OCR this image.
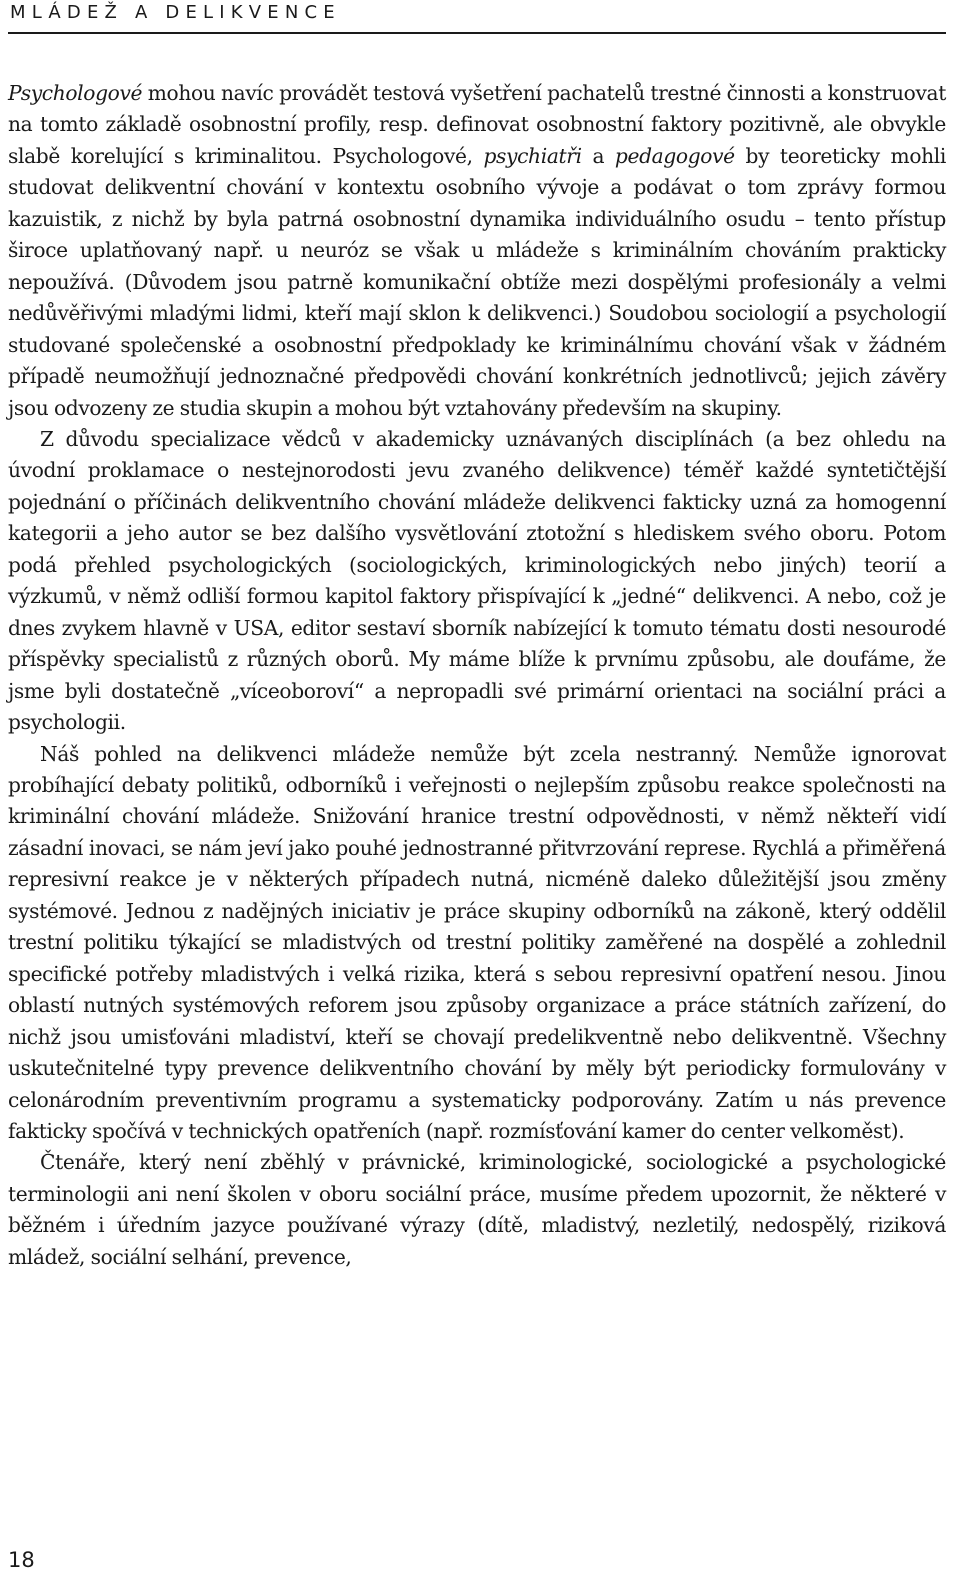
MLÁDEŽ A DELIKVENCE

Psychologové mohou navíc provádět testová vyšetření pachatelů trestné činnosti a konstruovat na tomto základě osobnostní profily, resp. definovat osobnostní faktory pozitivně, ale obvykle slabě korelující s kriminalitou. Psychologové, psychiatři a pedagogové by teoreticky mohli studovat delikventní chování v kontextu osobního vývoje a podávat o tom zprávy formou kazuistik, z nichž by byla patrná osobnostní dynamika individuálního osudu – tento přístup široce uplatňovaný např. u neuróz se však u mládeže s kriminálním chováním prakticky nepoužívá. (Důvodem jsou patrně komunikační obtíže mezi dospělými profesionály a velmi nedůvěřivými mladými lidmi, kteří mají sklon k delikvenci.) Soudobou sociologií a psychologií studované společenské a osobnostní předpoklady ke kriminálnímu chování však v žádném případě neumožňují jednoznačné předpovědi chování konkrétních jednotlivců; jejich závěry jsou odvozeny ze studia skupin a mohou být vztahovány především na skupiny.

Z důvodu specializace vědců v akademicky uznávaných disciplínách (a bez ohledu na úvodní proklamace o nestejnorodosti jevu zvaného delikvence) téměř každé syntetičtější pojednání o příčinách delikventního chování mládeže delikvenci fakticky uzná za homogenní kategorii a jeho autor se bez dalšího vysvětlování ztotožní s hlediskem svého oboru. Potom podá přehled psychologických (sociologických, kriminologických nebo jiných) teorií a výzkumů, v němž odliší formou kapitol faktory přispívající k „jedné“ delikvenci. A nebo, což je dnes zvykem hlavně v USA, editor sestaví sborník nabízející k tomuto tématu dosti nesourodé příspěvky specialistů z různých oborů. My máme blíže k prvnímu způsobu, ale doufáme, že jsme byli dostatečně „víceoboroví“ a nepropadli své primární orientaci na sociální práci a psychologii.

Náš pohled na delikvenci mládeže nemůže být zcela nestranný. Nemůže ignorovat probíhající debaty politiků, odborníků i veřejnosti o nejlepším způsobu reakce společnosti na kriminální chování mládeže. Snižování hranice trestní odpovědnosti, v němž někteří vidí zásadní inovaci, se nám jeví jako pouhé jednostranné přitvrzování represe. Rychlá a přiměřená represivní reakce je v některých případech nutná, nicméně daleko důležitější jsou změny systémové. Jednou z nadějných iniciativ je práce skupiny odborníků na zákoně, který oddělil trestní politiku týkající se mladistvých od trestní politiky zaměřené na dospělé a zohlednil specifické potřeby mladistvých i velká rizika, která s sebou represivní opatření nesou. Jinou oblastí nutných systémových reforem jsou způsoby organizace a práce státních zařízení, do nichž jsou umisťováni mladiství, kteří se chovají predelikventně nebo delikventně. Všechny uskutečnitelné typy prevence delikventního chování by měly být periodicky formulovány v celonárodním preventivním programu a systematicky podporovány. Zatím u nás prevence fakticky spočívá v technických opatřeních (např. rozmísťování kamer do center velkoměst).

Čtenáře, který není zběhlý v právnické, kriminologické, sociologické a psychologické terminologii ani není školen v oboru sociální práce, musíme předem upozornit, že některé v běžném i úředním jazyce používané výrazy (dítě, mladistvý, nezletilý, nedospělý, riziková mládež, sociální selhání, prevence,

18
